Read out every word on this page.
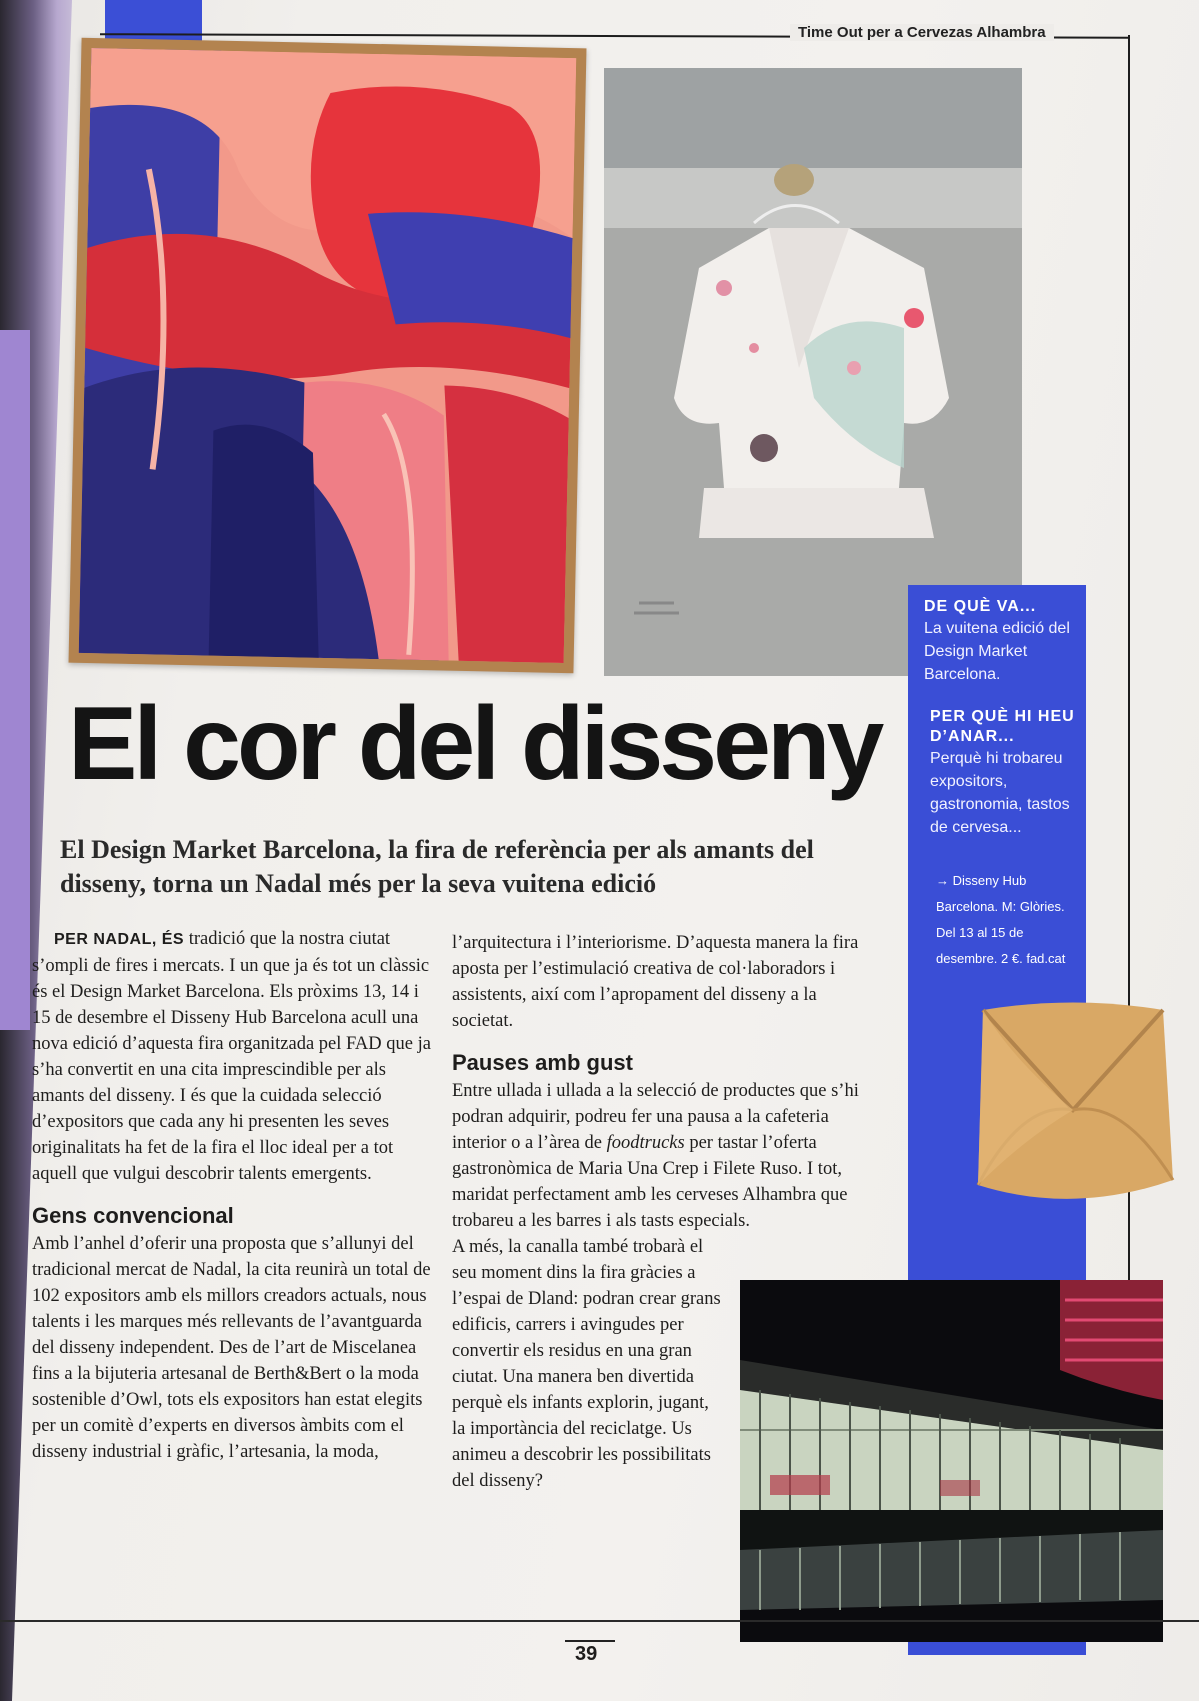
Time Out per a Cervezas Alhambra
DE QUÈ VA...
La vuitena edició del Design Market Barcelona.
PER QUÈ HI HEU D’ANAR...
Perquè hi trobareu expositors, gastronomia, tastos de cervesa...
→ Disseny Hub Barcelona. M: Glòries. Del 13 al 15 de desembre. 2 €. fad.cat
El cor del disseny
El Design Market Barcelona, la fira de referència per als amants del disseny, torna un Nadal més per la seva vuitena edició

PER NADAL, ÉS tradició que la nostra ciutat s’ompli de fires i mercats. I un que ja és tot un clàssic és el Design Market Barcelona. Els pròxims 13, 14 i 15 de desembre el Disseny Hub Barcelona acull una nova edició d’aquesta fira organitzada pel FAD que ja s’ha convertit en una cita imprescindible per als amants del disseny. I és que la cuidada selecció d’expositors que cada any hi presenten les seves originalitats ha fet de la fira el lloc ideal per a tot aquell que vulgui descobrir talents emergents.

Gens convencional

Amb l’anhel d’oferir una proposta que s’allunyi del tradicional mercat de Nadal, la cita reunirà un total de 102 expositors amb els millors creadors actuals, nous talents i les marques més rellevants de l’avantguarda del disseny independent. Des de l’art de Miscelanea fins a la bijuteria artesanal de Berth&Bert o la moda sostenible d’Owl, tots els expositors han estat elegits per un comitè d’experts en diversos àmbits com el disseny industrial i gràfic, l’artesania, la moda,

l’arquitectura i l’interiorisme. D’aquesta manera la fira aposta per l’estimulació creativa de col·laboradors i assistents, així com l’apropament del disseny a la societat.

Pauses amb gust

Entre ullada i ullada a la selecció de productes que s’hi podran adquirir, podreu fer una pausa a la cafeteria interior o a l’àrea de foodtrucks per tastar l’oferta gastronòmica de Maria Una Crep i Filete Ruso. I tot, maridat perfectament amb les cerveses Alhambra que trobareu a les barres i als tasts especials.

A més, la canalla també trobarà el seu moment dins la fira gràcies a l’espai de Dland: podran crear grans edificis, carrers i avingudes per convertir els residus en una gran ciutat. Una manera ben divertida perquè els infants explorin, jugant, la importància del reciclatge. Us animeu a descobrir les possibilitats del disseny?

39
